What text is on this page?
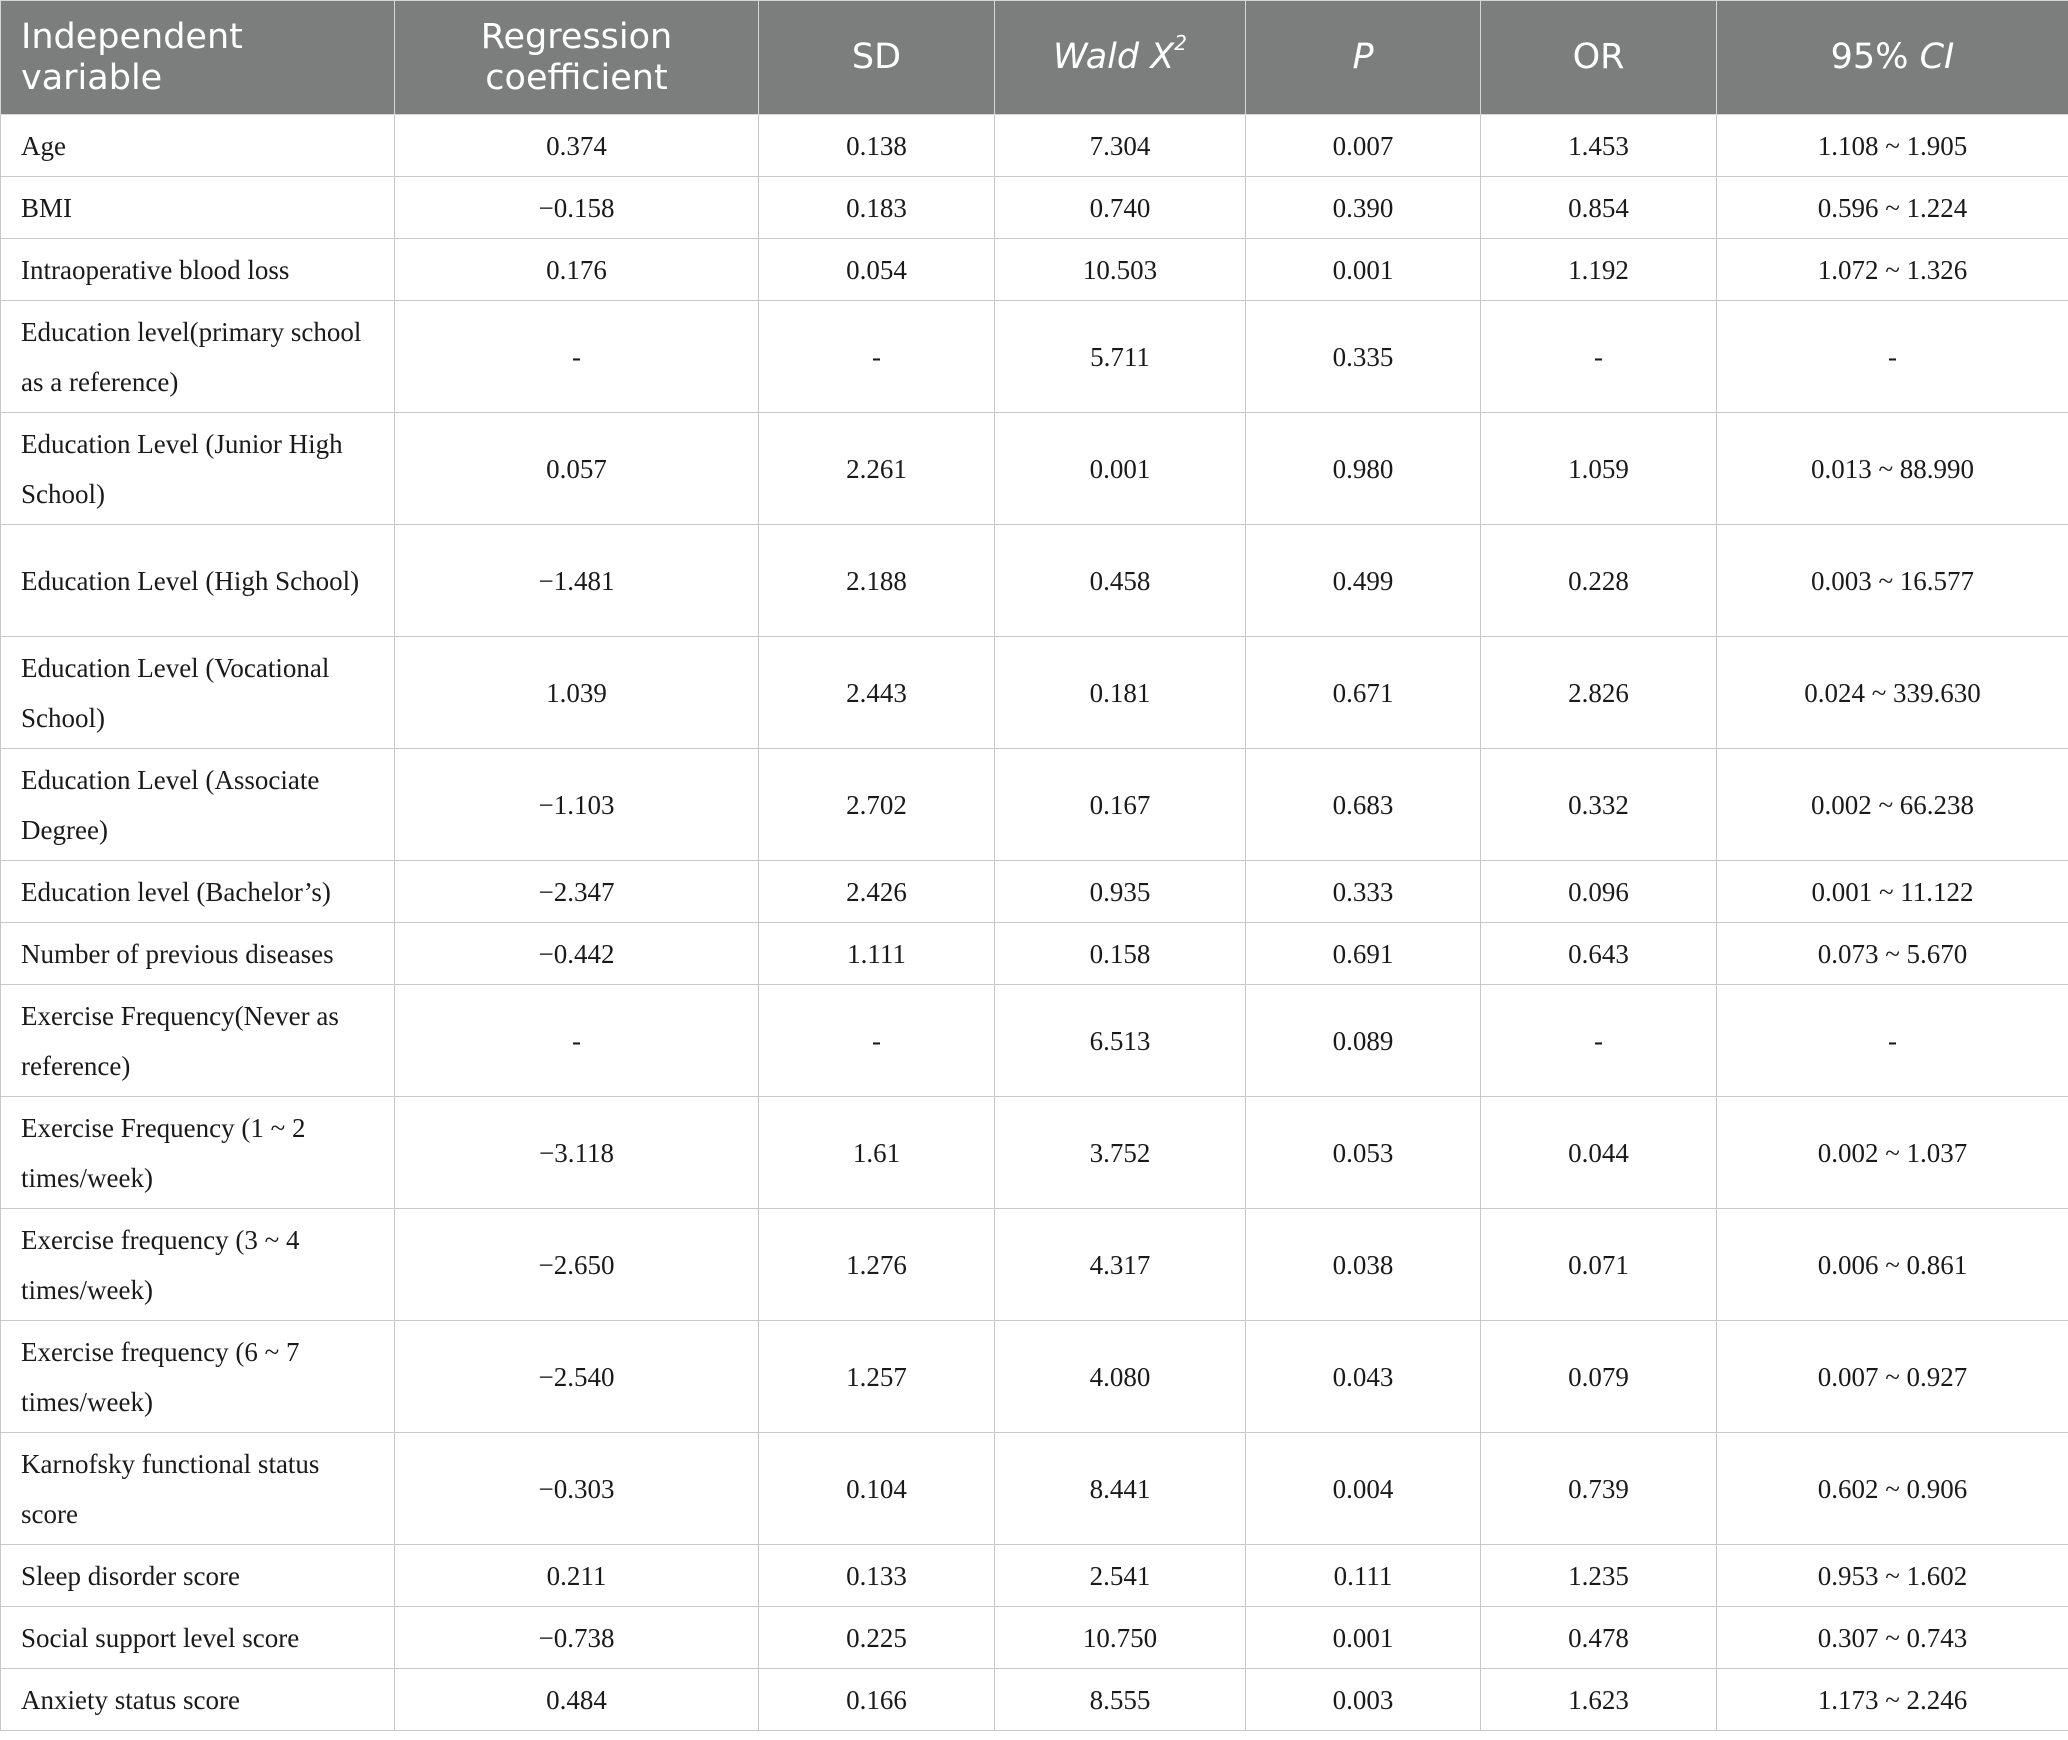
Independent variable	Regression coefficient	SD	Wald $X^2$	P	OR	95% CI
Age	0.374	0.138	7.304	0.007	1.453	1.108 ~ 1.905
BMI	−0.158	0.183	0.740	0.390	0.854	0.596 ~ 1.224
Intraoperative blood loss	0.176	0.054	10.503	0.001	1.192	1.072 ~ 1.326
Education level(primary school as a reference)	-	-	5.711	0.335	-	-
Education Level (Junior High School)	0.057	2.261	0.001	0.980	1.059	0.013 ~ 88.990
Education Level (High School)	−1.481	2.188	0.458	0.499	0.228	0.003 ~ 16.577
Education Level (Vocational School)	1.039	2.443	0.181	0.671	2.826	0.024 ~ 339.630
Education Level (Associate Degree)	−1.103	2.702	0.167	0.683	0.332	0.002 ~ 66.238
Education level (Bachelor’s)	−2.347	2.426	0.935	0.333	0.096	0.001 ~ 11.122
Number of previous diseases	−0.442	1.111	0.158	0.691	0.643	0.073 ~ 5.670
Exercise Frequency(Never as reference)	-	-	6.513	0.089	-	-
Exercise Frequency (1 ~ 2 times/week)	−3.118	1.61	3.752	0.053	0.044	0.002 ~ 1.037
Exercise frequency (3 ~ 4 times/week)	−2.650	1.276	4.317	0.038	0.071	0.006 ~ 0.861
Exercise frequency (6 ~ 7 times/week)	−2.540	1.257	4.080	0.043	0.079	0.007 ~ 0.927
Karnofsky functional status score	−0.303	0.104	8.441	0.004	0.739	0.602 ~ 0.906
Sleep disorder score	0.211	0.133	2.541	0.111	1.235	0.953 ~ 1.602
Social support level score	−0.738	0.225	10.750	0.001	0.478	0.307 ~ 0.743
Anxiety status score	0.484	0.166	8.555	0.003	1.623	1.173 ~ 2.246
